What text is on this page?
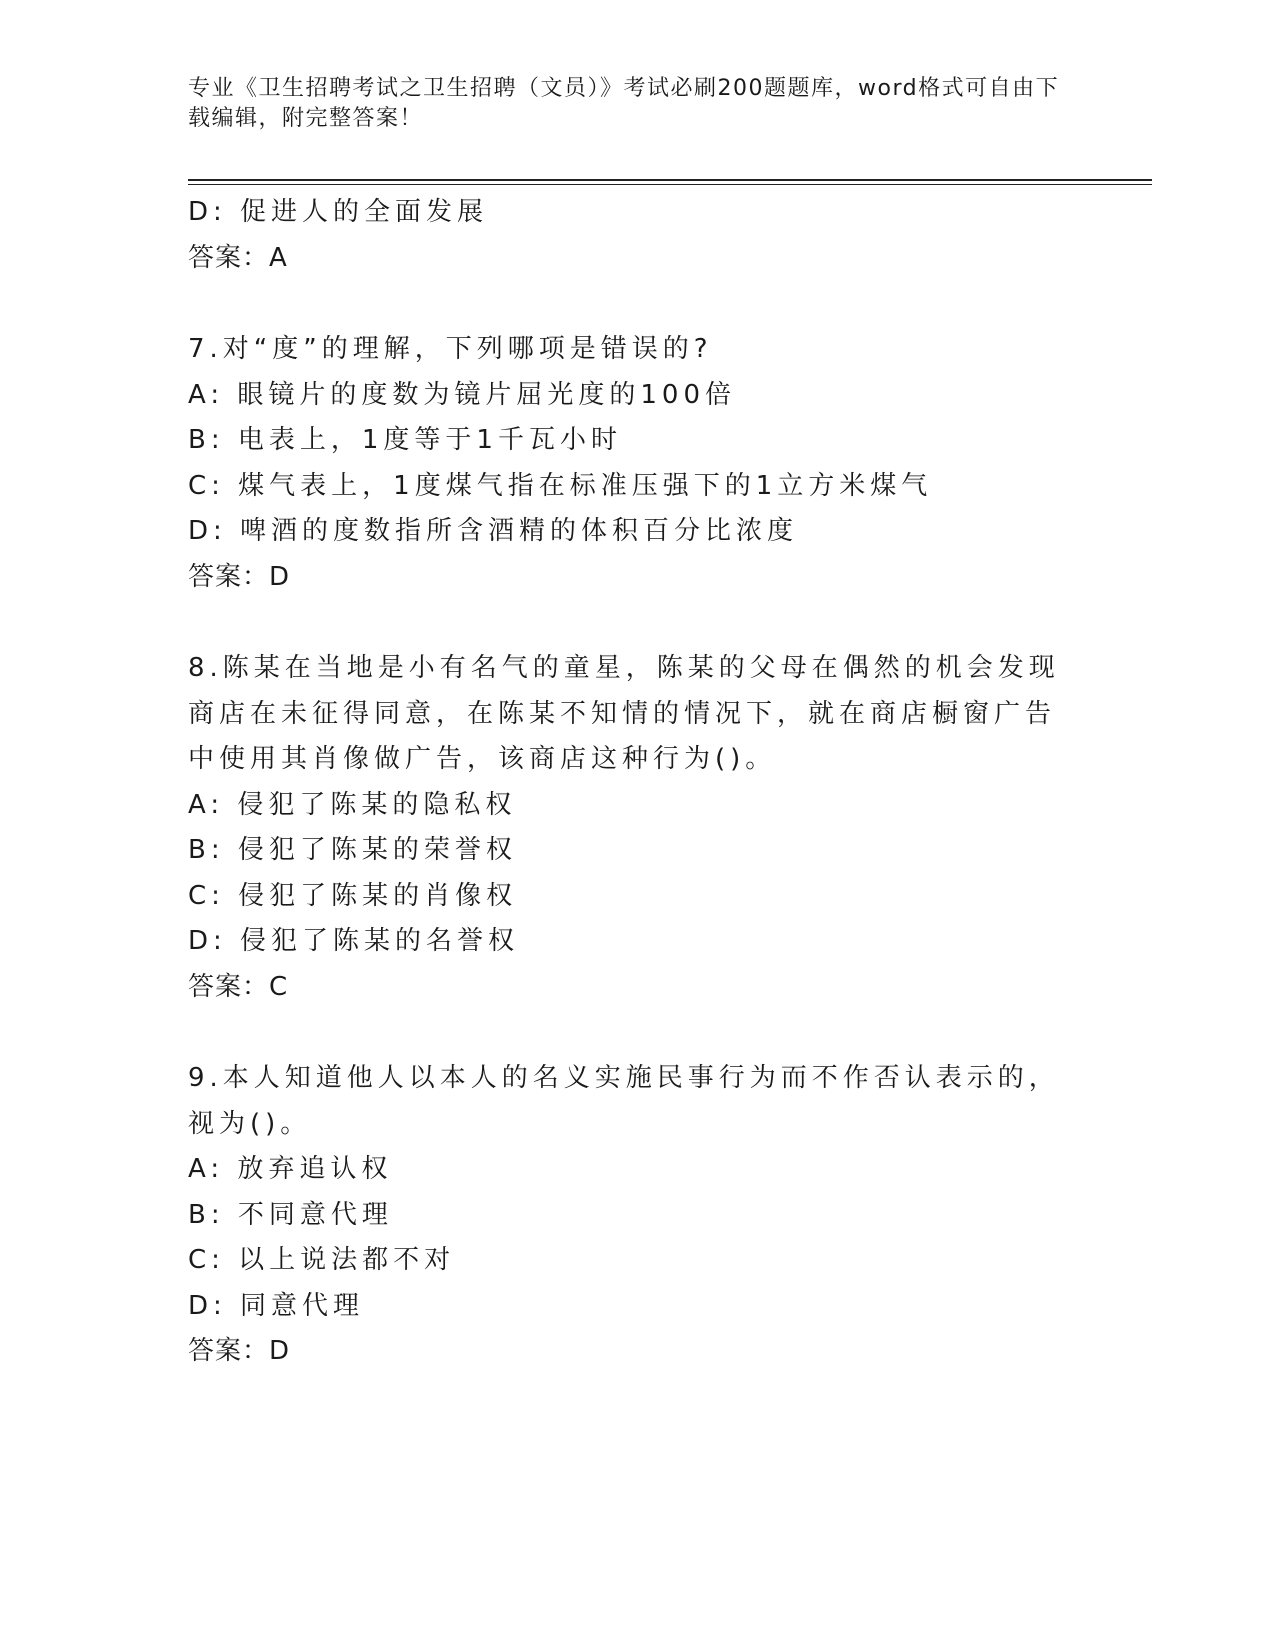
专业《卫生招聘考试之卫生招聘（文员）》考试必刷200题题库，word格式可自由下载编辑，附完整答案！
D: 促进人的全面发展
答案：A
7.对“度”的理解，下列哪项是错误的?
A: 眼镜片的度数为镜片屈光度的100倍
B: 电表上，1度等于1千瓦小时
C: 煤气表上，1度煤气指在标准压强下的1立方米煤气
D: 啤酒的度数指所含酒精的体积百分比浓度
答案：D
8.陈某在当地是小有名气的童星，陈某的父母在偶然的机会发现商店在未征得同意，在陈某不知情的情况下，就在商店橱窗广告中使用其肖像做广告，该商店这种行为()。
A: 侵犯了陈某的隐私权
B: 侵犯了陈某的荣誉权
C: 侵犯了陈某的肖像权
D: 侵犯了陈某的名誉权
答案：C
9.本人知道他人以本人的名义实施民事行为而不作否认表示的，视为()。
A: 放弃追认权
B: 不同意代理
C: 以上说法都不对
D: 同意代理
答案：D
